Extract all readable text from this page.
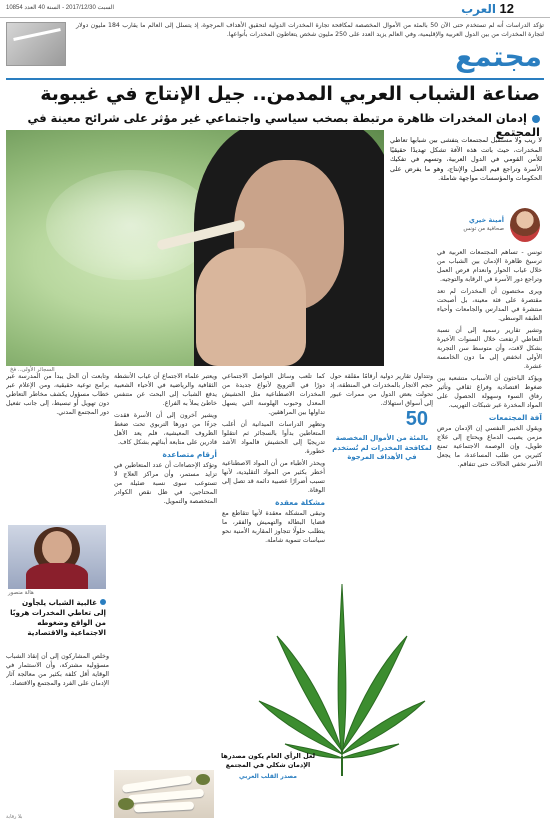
السبت 2017/12/30 - السنة 40 العدد 10854	العرب 12
تؤكد الدراسات أنه لم تستخدم حتى الآن 50 بالمئة من الأموال المخصصة لمكافحة تجارة المخدرات الدولية لتحقيق الأهداف المرجوة، إذ يتسلل إلى العالم ما يقارب 184 مليون دولار لتجارة المخدرات من بين الدول العربية والإقليمية، وفي العالم يزيد العدد على 250 مليون شخص يتعاطون المخدرات بأنواعها.
مجتمع
صناعة الشباب العربي المدمن.. جيل الإنتاج في غيبوبة
إدمان المخدرات ظاهرة مرتبطة بصخب سياسي واجتماعي غير مؤثر على شرائح معينة في المجتمع
السجائر الأولى.. فخ
لا ريب ولا مستقبل لمجتمعات يتفشى بين شبابها تعاطي المخدرات، حيث باتت هذه الآفة تشكل تهديدًا حقيقيًا للأمن القومي في الدول العربية، وتسهم في تفكيك الأسرة وتراجع قيم العمل والإنتاج، وهو ما يفرض على الحكومات والمؤسسات مواجهة شاملة.
أمينة خيري
صحافية من تونس

تونس - تساهم المجتمعات العربية في ترسيخ ظاهرة الإدمان بين الشباب من خلال غياب الحوار وانعدام فرص العمل وتراجع دور الأسرة في الرقابة والتوجيه.

ويرى مختصون أن المخدرات لم تعد مقتصرة على فئة معينة، بل أصبحت منتشرة في المدارس والجامعات وأحياء الطبقة الوسطى.

وتشير تقارير رسمية إلى أن نسبة التعاطي ارتفعت خلال السنوات الأخيرة بشكل لافت، وأن متوسط سن التجربة الأولى انخفض إلى ما دون الخامسة عشرة.

ويؤكد الباحثون أن الأسباب متشعبة بين ضغوط اقتصادية وفراغ ثقافي وتأثير رفاق السوء وسهولة الحصول على المواد المخدرة عبر شبكات التهريب.

آفة المجتمعات

ويقول الخبير النفسي إن الإدمان مرض مزمن يصيب الدماغ ويحتاج إلى علاج طويل، وإن الوصمة الاجتماعية تمنع كثيرين من طلب المساعدة، ما يجعل الأسر تخفي الحالات حتى تتفاقم.

وتتداول تقارير دولية أرقامًا مقلقة حول حجم الاتجار بالمخدرات في المنطقة، إذ تحولت بعض الدول من ممرات عبور إلى أسواق استهلاك.

50
بالمئة من الأموال المخصصة لمكافحة المخدرات لم تُستخدم في الأهداف المرجوة

كما تلعب وسائل التواصل الاجتماعي دورًا في الترويج لأنواع جديدة من المخدرات الاصطناعية مثل الحشيش المعدل وحبوب الهلوسة التي يسهل تداولها بين المراهقين.

وتظهر الدراسات الميدانية أن أغلب المتعاطين بدأوا بالسجائر ثم انتقلوا تدريجيًا إلى الحشيش فالمواد الأشد خطورة.

ويحذر الأطباء من أن المواد الاصطناعية أخطر بكثير من المواد التقليدية، لأنها تسبب أضرارًا عصبية دائمة قد تصل إلى الوفاة.

مشكلة معقدة

وتبقى المشكلة معقدة لأنها تتقاطع مع قضايا البطالة والتهميش والفقر، ما يتطلب حلولًا تتجاوز المقاربة الأمنية نحو سياسات تنموية شاملة.

ويعتبر علماء الاجتماع أن غياب الأنشطة الثقافية والرياضية في الأحياء الشعبية يدفع الشباب إلى البحث عن متنفس خاطئ يملأ به الفراغ.

ويشير آخرون إلى أن الأسرة فقدت جزءًا من دورها التربوي تحت ضغط الظروف المعيشية، فلم يعد الأهل قادرين على متابعة أبنائهم بشكل كاف.

أرقام متصاعدة

وتؤكد الإحصاءات أن عدد المتعاطين في تزايد مستمر، وأن مراكز العلاج لا تستوعب سوى نسبة ضئيلة من المحتاجين، في ظل نقص الكوادر المتخصصة والتمويل.

وتابعت أن الحل يبدأ من المدرسة عبر برامج توعية حقيقية، ومن الإعلام عبر خطاب مسؤول يكشف مخاطر التعاطي دون تهويل أو تبسيط، إلى جانب تفعيل دور المجتمع المدني.

هالة منصور
غالبية الشباب يلجأون إلى تعاطي المخدرات هروبًا من الواقع وضغوطه الاجتماعية والاقتصادية

وخلص المشاركون إلى أن إنقاذ الشباب مسؤولية مشتركة، وأن الاستثمار في الوقاية أقل كلفة بكثير من معالجة آثار الإدمان على الفرد والمجتمع والاقتصاد.

لعل الرأي العام يكون مصدرها الإدمان شكلي في المجتمع
مصدر القلب العربي
بلا رقابة
